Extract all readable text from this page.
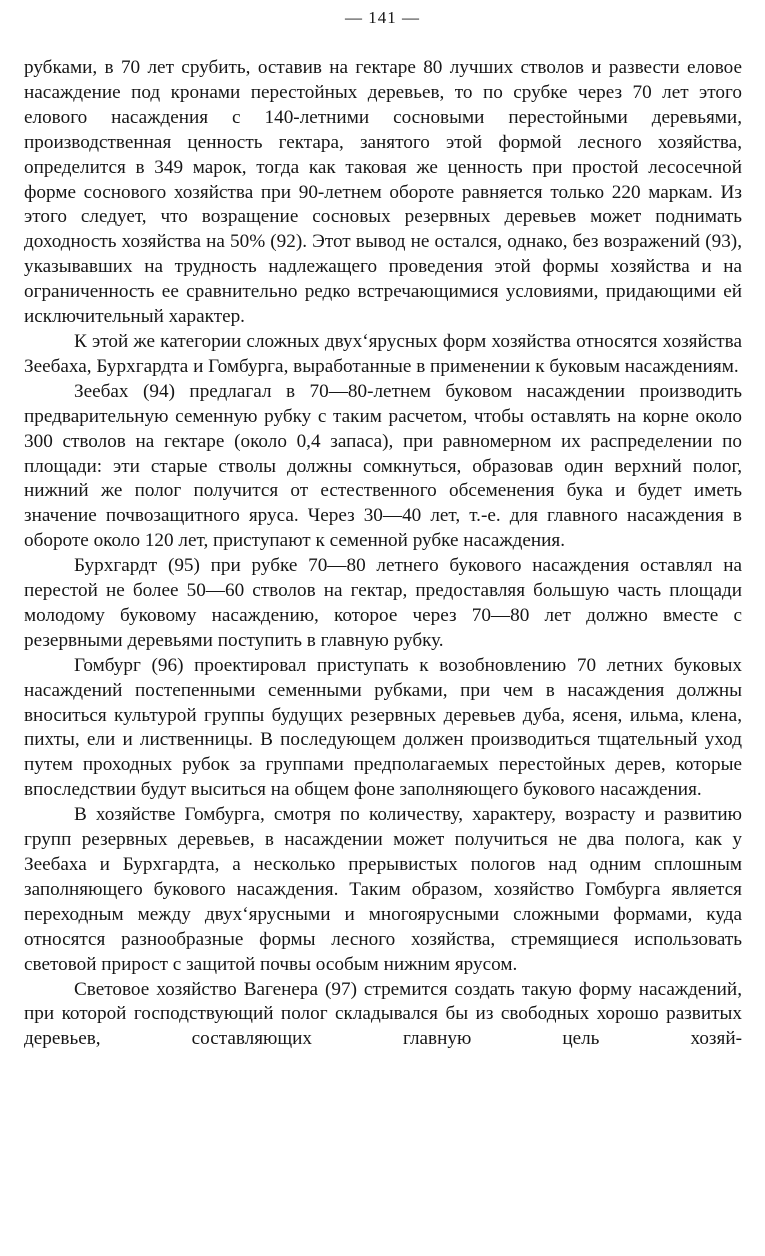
— 141 —

рубками, в 70 лет срубить, оставив на гектаре 80 лучших стволов и развести еловое насаждение под кронами перестойных деревьев, то по срубке через 70 лет этого елового насаждения с 140-летними сосновыми перестойными деревьями, производственная ценность гектара, занятого этой формой лесного хозяйства, определится в 349 марок, тогда как таковая же ценность при простой лесосечной форме соснового хозяйства при 90-летнем обороте равняется только 220 маркам. Из этого следует, что возращение сосновых резервных деревьев может поднимать доходность хозяйства на 50% (92). Этот вывод не остался, однако, без возражений (93), указывавших на трудность надлежащего проведения этой формы хозяйства и на ограниченность ее сравнительно редко встречающимися условиями, придающими ей исключительный характер.

К этой же категории сложных двух‘ярусных форм хозяйства относятся хозяйства Зеебаха, Бурхгардта и Гомбурга, выработанные в применении к буковым насаждениям.

Зеебах (94) предлагал в 70—80-летнем буковом насаждении производить предварительную семенную рубку с таким расчетом, чтобы оставлять на корне около 300 стволов на гектаре (около 0,4 запаса), при равномерном их распределении по площади: эти старые стволы должны сомкнуться, образовав один верхний полог, нижний же полог получится от естественного обсеменения бука и будет иметь значение почвозащитного яруса. Через 30—40 лет, т.-е. для главного насаждения в обороте около 120 лет, приступают к семенной рубке насаждения.

Бурхгардт (95) при рубке 70—80 летнего букового насаждения оставлял на перестой не более 50—60 стволов на гектар, предоставляя большую часть площади молодому буковому насаждению, которое через 70—80 лет должно вместе с резервными деревьями поступить в главную рубку.

Гомбург (96) проектировал приступать к возобновлению 70 летних буковых насаждений постепенными семенными рубками, при чем в насаждения должны вноситься культурой группы будущих резервных деревьев дуба, ясеня, ильма, клена, пихты, ели и лиственницы. В последующем должен производиться тщательный уход путем проходных рубок за группами предполагаемых перестойных дерев, которые впоследствии будут выситься на общем фоне заполняющего букового насаждения.

В хозяйстве Гомбурга, смотря по количеству, характеру, возрасту и развитию групп резервных деревьев, в насаждении может получиться не два полога, как у Зеебаха и Бурхгардта, а несколько прерывистых пологов над одним сплошным заполняющего букового насаждения. Таким образом, хозяйство Гомбурга является переходным между двух‘ярусными и многоярусными сложными формами, куда относятся разнообразные формы лесного хозяйства, стремящиеся использовать световой прирост с защитой почвы особым нижним ярусом.

Световое хозяйство Вагенера (97) стремится создать такую форму насаждений, при которой господствующий полог складывался бы из свободных хорошо развитых деревьев, составляющих главную цель хозяй-
